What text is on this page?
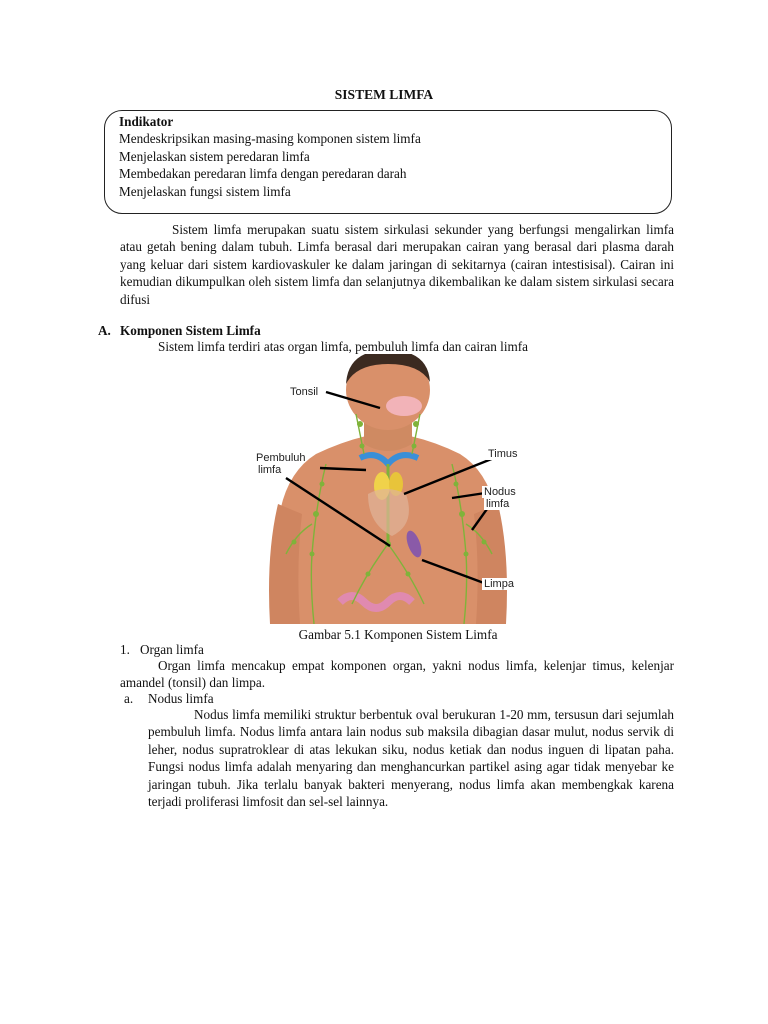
SISTEM LIMFA
Indikator
Mendeskripsikan masing-masing komponen sistem limfa
Menjelaskan sistem peredaran limfa
Membedakan peredaran limfa dengan peredaran darah
Menjelaskan fungsi sistem limfa
Sistem limfa merupakan suatu sistem sirkulasi sekunder yang berfungsi mengalirkan limfa atau getah bening dalam tubuh. Limfa berasal dari merupakan cairan yang berasal dari plasma darah yang keluar dari sistem kardiovaskuler ke dalam jaringan di sekitarnya (cairan intestisisal). Cairan ini kemudian dikumpulkan oleh sistem limfa dan selanjutnya dikembalikan ke dalam sistem sirkulasi secara difusi
A. Komponen Sistem Limfa
Sistem limfa terdiri atas organ limfa, pembuluh limfa dan cairan limfa
Tonsil
Pembuluh
limfa
Timus
Nodus
limfa
Limpa
Gambar 5.1 Komponen Sistem Limfa
1. Organ limfa
Organ limfa mencakup empat komponen organ, yakni nodus limfa, kelenjar timus, kelenjar amandel (tonsil) dan limpa.
a. Nodus limfa
Nodus limfa memiliki struktur berbentuk oval berukuran 1-20 mm, tersusun dari sejumlah pembuluh limfa. Nodus limfa antara lain nodus sub maksila dibagian dasar mulut, nodus servik di leher, nodus supratroklear di atas lekukan siku, nodus ketiak dan nodus inguen di lipatan paha. Fungsi nodus limfa adalah menyaring dan menghancurkan partikel asing agar tidak menyebar ke jaringan tubuh. Jika terlalu banyak bakteri menyerang, nodus limfa akan membengkak karena terjadi proliferasi limfosit dan sel-sel lainnya.
